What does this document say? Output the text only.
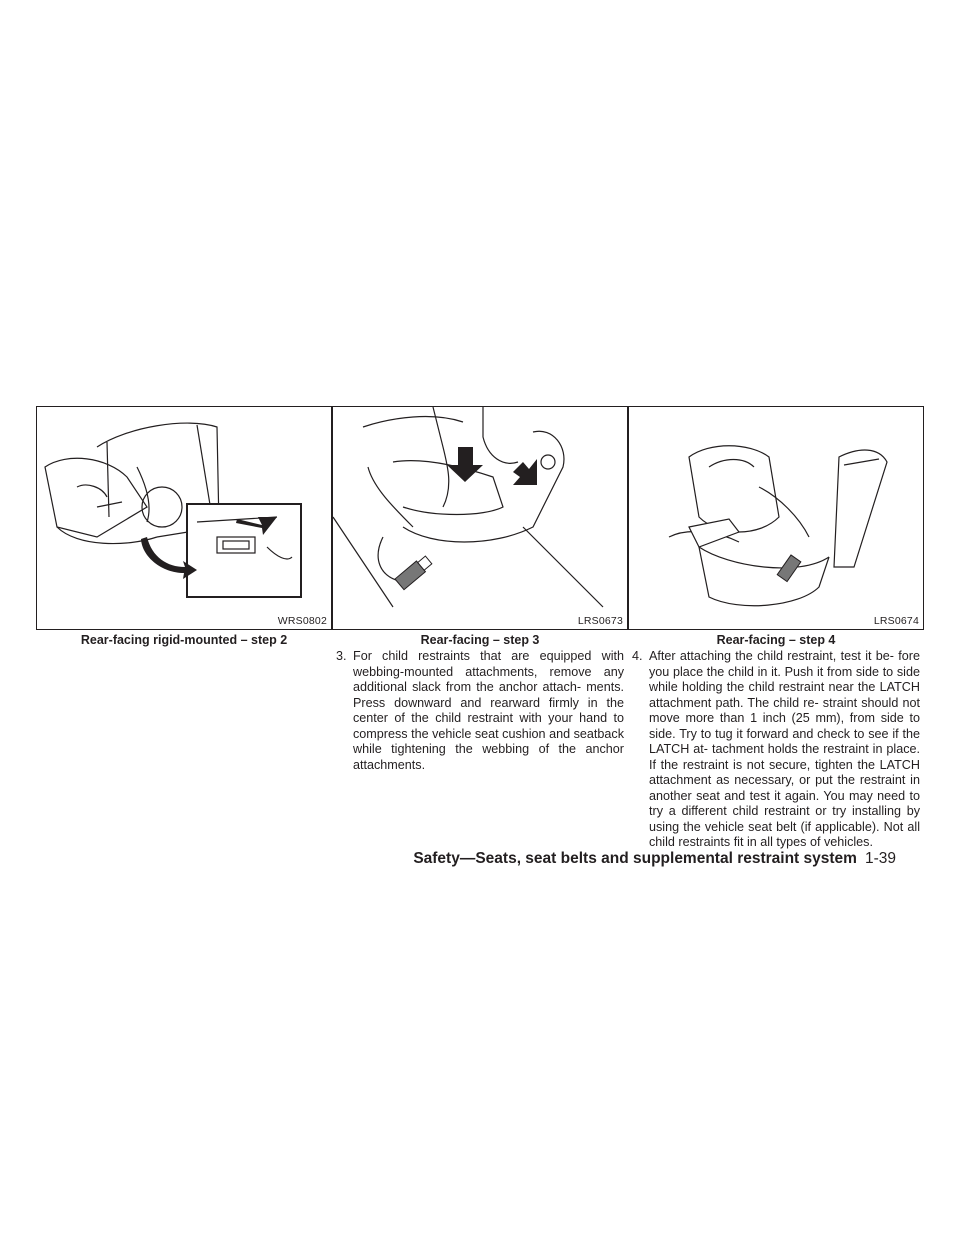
WRS0802
Rear-facing rigid-mounted – step 2
LRS0673
Rear-facing – step 3
LRS0674
Rear-facing – step 4
3. For child restraints that are equipped with webbing-mounted attachments, remove any additional slack from the anchor attach- ments. Press downward and rearward firmly in the center of the child restraint with your hand to compress the vehicle seat cushion and seatback while tightening the webbing of the anchor attachments.
4. After attaching the child restraint, test it be- fore you place the child in it. Push it from side to side while holding the child restraint near the LATCH attachment path. The child re- straint should not move more than 1 inch (25 mm), from side to side. Try to tug it forward and check to see if the LATCH at- tachment holds the restraint in place. If the restraint is not secure, tighten the LATCH attachment as necessary, or put the restraint in another seat and test it again. You may need to try a different child restraint or try installing by using the vehicle seat belt (if applicable). Not all child restraints fit in all types of vehicles.
Safety—Seats, seat belts and supplemental restraint system 1-39
